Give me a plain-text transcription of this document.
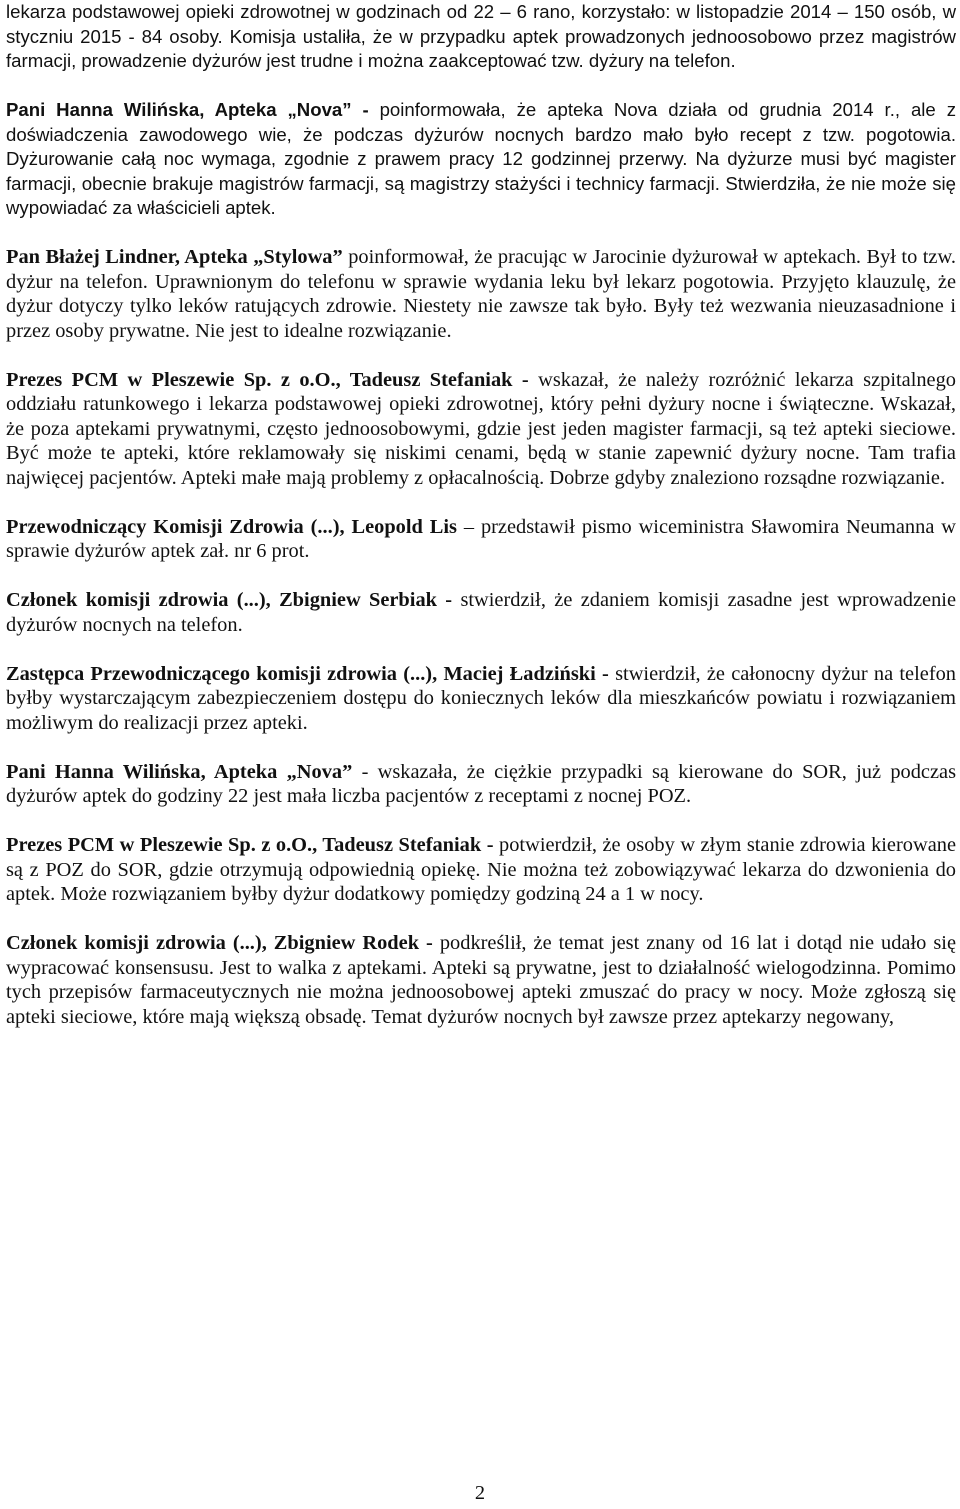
lekarza podstawowej opieki zdrowotnej w godzinach od 22 – 6 rano, korzystało: w listopadzie 2014 – 150 osób, w styczniu 2015 - 84 osoby. Komisja ustaliła, że w przypadku aptek prowadzonych jednoosobowo przez magistrów farmacji, prowadzenie dyżurów jest trudne i można zaakceptować tzw. dyżury na telefon.

Pani Hanna Wilińska, Apteka „Nova” - poinformowała, że apteka Nova działa od grudnia 2014 r., ale z doświadczenia zawodowego wie, że podczas dyżurów nocnych bardzo mało było recept z tzw. pogotowia. Dyżurowanie całą noc wymaga, zgodnie z prawem pracy 12 godzinnej przerwy. Na dyżurze musi być magister farmacji, obecnie brakuje magistrów farmacji, są magistrzy stażyści i technicy farmacji. Stwierdziła, że nie może się wypowiadać za właścicieli aptek.

Pan Błażej Lindner, Apteka „Stylowa” poinformował, że pracując w Jarocinie dyżurował w aptekach. Był to tzw. dyżur na telefon. Uprawnionym do telefonu w sprawie wydania leku był lekarz pogotowia. Przyjęto klauzulę, że dyżur dotyczy tylko leków ratujących zdrowie. Niestety nie zawsze tak było. Były też wezwania nieuzasadnione i przez osoby prywatne. Nie jest to idealne rozwiązanie.

Prezes PCM w Pleszewie Sp. z o.O., Tadeusz Stefaniak - wskazał, że należy rozróżnić lekarza szpitalnego oddziału ratunkowego i lekarza podstawowej opieki zdrowotnej, który pełni dyżury nocne i świąteczne. Wskazał, że poza aptekami prywatnymi, często jednoosobowymi, gdzie jest jeden magister farmacji, są też apteki sieciowe. Być może te apteki, które reklamowały się niskimi cenami, będą w stanie zapewnić dyżury nocne. Tam trafia najwięcej pacjentów. Apteki małe mają problemy z opłacalnością. Dobrze gdyby znaleziono rozsądne rozwiązanie.

Przewodniczący Komisji Zdrowia (...), Leopold Lis – przedstawił pismo wiceministra Sławomira Neumanna w sprawie dyżurów aptek zał. nr 6 prot.

Członek komisji zdrowia (...), Zbigniew Serbiak - stwierdził, że zdaniem komisji zasadne jest wprowadzenie dyżurów nocnych na telefon.

Zastępca Przewodniczącego komisji zdrowia (...), Maciej Ładziński - stwierdził, że całonocny dyżur na telefon byłby wystarczającym zabezpieczeniem dostępu do koniecznych leków dla mieszkańców powiatu i rozwiązaniem możliwym do realizacji przez apteki.

Pani Hanna Wilińska, Apteka „Nova” - wskazała, że ciężkie przypadki są kierowane do SOR, już podczas dyżurów aptek do godziny 22 jest mała liczba pacjentów z receptami z nocnej POZ.

Prezes PCM w Pleszewie Sp. z o.O., Tadeusz Stefaniak - potwierdził, że osoby w złym stanie zdrowia kierowane są z POZ do SOR, gdzie otrzymują odpowiednią opiekę. Nie można też zobowiązywać lekarza do dzwonienia do aptek. Może rozwiązaniem byłby dyżur dodatkowy pomiędzy godziną 24 a 1 w nocy.

Członek komisji zdrowia (...), Zbigniew Rodek - podkreślił, że temat jest znany od 16 lat i dotąd nie udało się wypracować konsensusu. Jest to walka z aptekami. Apteki są prywatne, jest to działalność wielogodzinna. Pomimo tych przepisów farmaceutycznych nie można jednoosobowej apteki zmuszać do pracy w nocy. Może zgłoszą się apteki sieciowe, które mają większą obsadę. Temat dyżurów nocnych był zawsze przez aptekarzy negowany,

2
